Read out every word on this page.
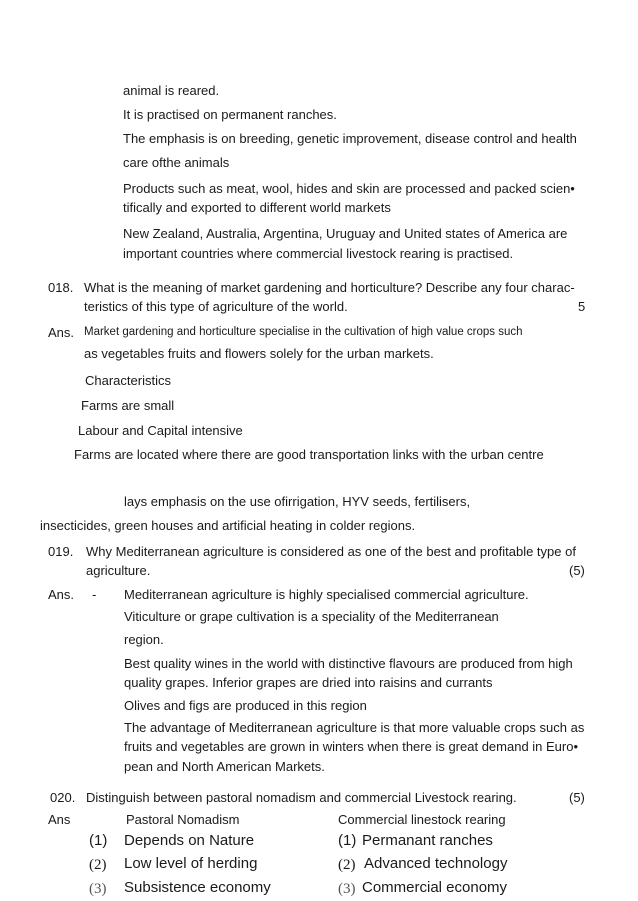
animal is reared.
It is practised on permanent ranches.
The emphasis is on breeding, genetic improvement, disease control and health
care ofthe animals
Products such as meat, wool, hides and skin are processed and packed scien•
tifically and exported to different world markets
New Zealand, Australia, Argentina, Uruguay and United states of America are
important countries where commercial livestock rearing is practised.
018. What is the meaning of market gardening and horticulture? Describe any four charac-
teristics of this type of agriculture of the world.	5
Ans. Market gardening and horticulture specialise in the cultivation of high value crops such
as vegetables fruits and flowers solely for the urban markets.
Characteristics
Farms are small
Labour and Capital intensive
Farms are located where there are good transportation links with the urban centre
lays emphasis on the use ofirrigation, HYV seeds, fertilisers,
insecticides, green houses and artificial heating in colder regions.
019. Why Mediterranean agriculture is considered as one of the best and profitable type of
agriculture.	(5)
Ans. - Mediterranean agriculture is highly specialised commercial agriculture.
Viticulture or grape cultivation is a speciality of the Mediterranean
region.
Best quality wines in the world with distinctive flavours are produced from high
quality grapes. Inferior grapes are dried into raisins and currants
Olives and figs are produced in this region
The advantage of Mediterranean agriculture is that more valuable crops such as
fruits and vegetables are grown in winters when there is great demand in Euro•
pean and North American Markets.
020. Distinguish between pastoral nomadism and commercial Livestock rearing.	(5)
Ans	Pastoral Nomadism	Commercial linestock rearing
(1) Depends on Nature	(1) Permanant ranches
(2) Low level of herding	(2) Advanced technology
(3) Subsistence economy	(3) Commercial economy
